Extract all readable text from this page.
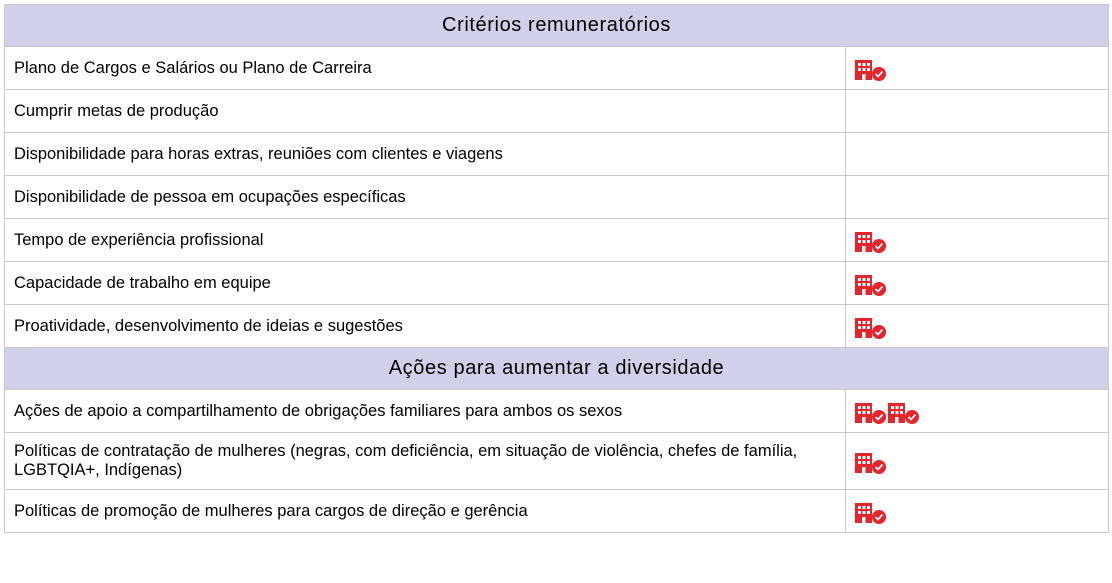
Critérios remuneratórios	
Plano de Cargos e Salários ou Plano de Carreira	

Cumprir metas de produção	
Disponibilidade para horas extras, reuniões com clientes e viagens	
Disponibilidade de pessoa em ocupações específicas	
Tempo de experiência profissional	

Capacidade de trabalho em equipe	

Proatividade, desenvolvimento de ideias e sugestões	

Ações para aumentar a diversidade	
Ações de apoio a compartilhamento de obrigações familiares para ambos os sexos	

Políticas de contratação de mulheres (negras, com deficiência, em situação de violência, chefes de família, LGBTQIA+, Indígenas)	

Políticas de promoção de mulheres para cargos de direção e gerência	
